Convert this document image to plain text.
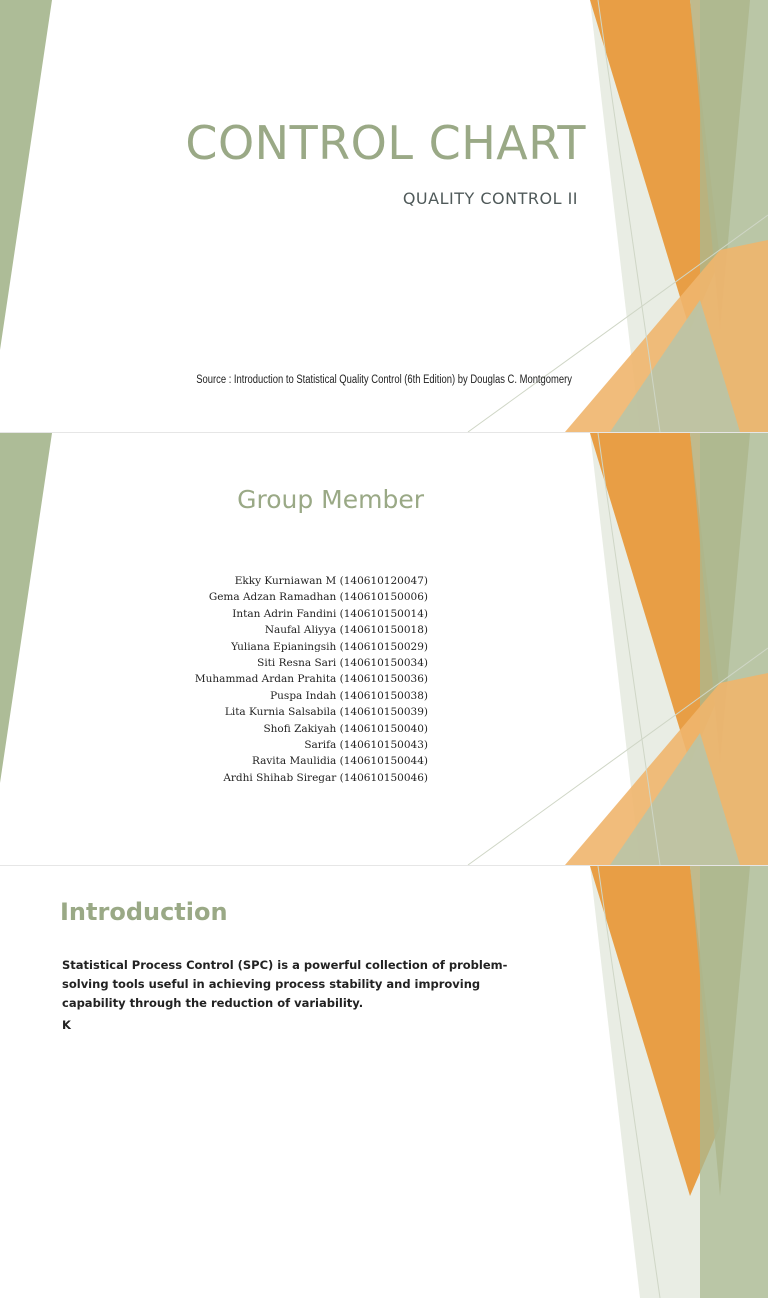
CONTROL CHART
QUALITY CONTROL II
Source : Introduction to Statistical Quality Control (6th Edition) by Douglas C. Montgomery
Group Member
Ekky Kurniawan M (140610120047)
Gema Adzan Ramadhan (140610150006)
Intan Adrin Fandini (140610150014)
Naufal Aliyya (140610150018)
Yuliana Epianingsih (140610150029)
Siti Resna Sari (140610150034)
Muhammad Ardan Prahita (140610150036)
Puspa Indah (140610150038)
Lita Kurnia Salsabila (140610150039)
Shofi Zakiyah (140610150040)
Sarifa (140610150043)
Ravita Maulidia (140610150044)
Ardhi Shihab Siregar (140610150046)
Introduction
Statistical Process Control (SPC) is a powerful collection of problem-solving tools useful in achieving process stability and improving capability through the reduction of variability.
K
